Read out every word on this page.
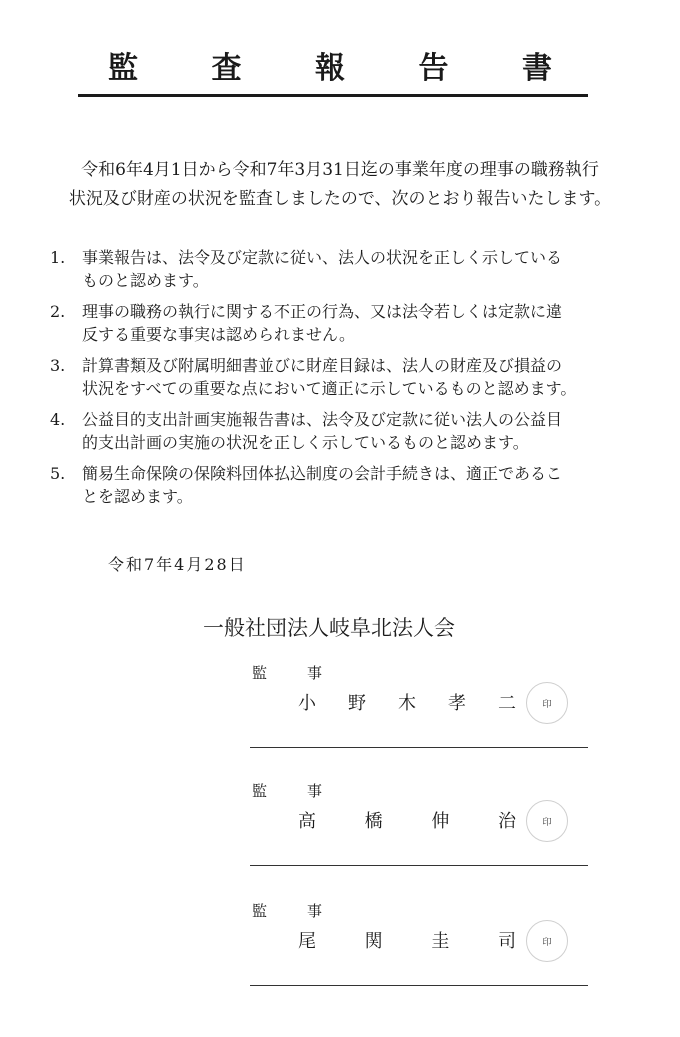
監 査 報 告 書
令和6年4月1日から令和7年3月31日迄の事業年度の理事の職務執行
状況及び財産の状況を監査しましたので、次のとおり報告いたします。
1.	事業報告は、法令及び定款に従い、法人の状況を正しく示している
ものと認めます。
2.	理事の職務の執行に関する不正の行為、又は法令若しくは定款に違
反する重要な事実は認められません。
3.	計算書類及び附属明細書並びに財産目録は、法人の財産及び損益の
状況をすべての重要な点において適正に示しているものと認めます。
4.	公益目的支出計画実施報告書は、法令及び定款に従い法人の公益目
的支出計画の実施の状況を正しく示しているものと認めます。
5.	簡易生命保険の保険料団体払込制度の会計手続きは、適正であるこ
とを認めます。
令和7年4月28日
一般社団法人岐阜北法人会
監	事
小 野 木 孝 二	印
監	事
高	橋	伸	治	印
監	事
尾	関	圭	司	印
